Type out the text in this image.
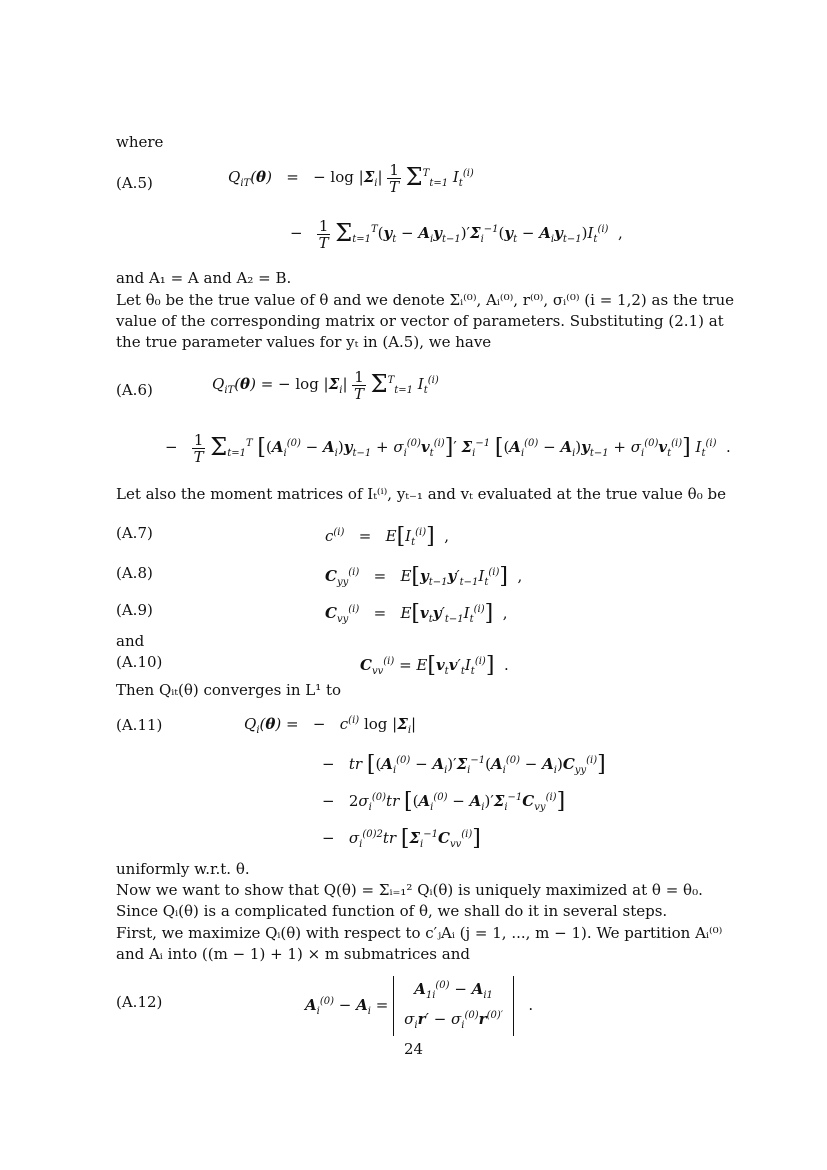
where
(A.5)	$Q_{iT}(\theta)$   =   − $\log |\Sigma_i| \frac{1}{T} \Sigma^T_{t=1}$ $I_t^{(i)}$
− $\frac{1}{T} \Sigma_{t=1}^T(y_t - A_iy_{t-1})'\Sigma_i^{-1}(y_t - A_iy_{t-1})I_t^{(i)}$  ,
and A₁ = A and A₂ = B.
Let θ₀ be the true value of θ and we denote Σᵢ⁽⁰⁾, Aᵢ⁽⁰⁾, r⁽⁰⁾, σᵢ⁽⁰⁾ (i = 1,2) as the true value of the corresponding matrix or vector of parameters. Substituting (2.1) at the true parameter values for yₜ in (A.5), we have
(A.6)	$Q_{iT}(\theta)$ = − $\log |\Sigma_i| \frac{1}{T} \Sigma^T_{t=1}$ $I_t^{(i)}$
− $\frac{1}{T} \Sigma_{t=1}^T$ $[(A_i^{(0)} - A_i)y_{t-1} + \sigma_i^{(0)}v_t^{(i)}]'$ $\Sigma_i^{-1}$ $[(A_i^{(0)} - A_i)y_{t-1} + \sigma_i^{(0)}v_t^{(i)}]$ $I_t^{(i)}$  .
Let also the moment matrices of Iₜ⁽ⁱ⁾, yₜ₋₁ and vₜ evaluated at the true value θ₀ be
(A.7)	$c^{(i)} = E[I_t^{(i)}]$  ,
(A.8)	$C_{yy}^{(i)} = E[y_{t-1}y'_{t-1}I_t^{(i)}]$  ,
(A.9)	$C_{vy}^{(i)} = E[v_ty'_{t-1}I_t^{(i)}]$  ,
and
(A.10)	$C_{vv}^{(i)} = E[v_tv'_tI_t^{(i)}]$  .
Then Qᵢₜ(θ) converges in L¹ to
(A.11)	$Q_i(\theta)$ =   −   $c^{(i)}$ $\log |\Sigma_i|$
−   tr $[(A_i^{(0)} - A_i)'\Sigma_i^{-1}(A_i^{(0)} - A_i)C_{yy}^{(i)}]$
−   $2\sigma_i^{(0)}tr$ $[(A_i^{(0)} - A_i)'\Sigma_i^{-1}C_{vy}^{(i)}]$
−   $\sigma_i^{(0)2}tr$ $[\Sigma_i^{-1}C_{vv}^{(i)}]$
uniformly w.r.t. θ.
Now we want to show that Q(θ) = Σᵢ₌₁² Qᵢ(θ) is uniquely maximized at θ = θ₀. Since Qᵢ(θ) is a complicated function of θ, we shall do it in several steps.
First, we maximize Qᵢ(θ) with respect to c′ⱼAᵢ (j = 1, ..., m − 1). We partition Aᵢ⁽⁰⁾ and Aᵢ into ((m − 1) + 1) × m submatrices and
(A.12)	$A_i^{(0)} - A_i$ =
$A_{1i}^{(0)} - A_{i1}$
$\sigma_ir' - \sigma_i^{(0)}r^{(0)'}$
.
24
